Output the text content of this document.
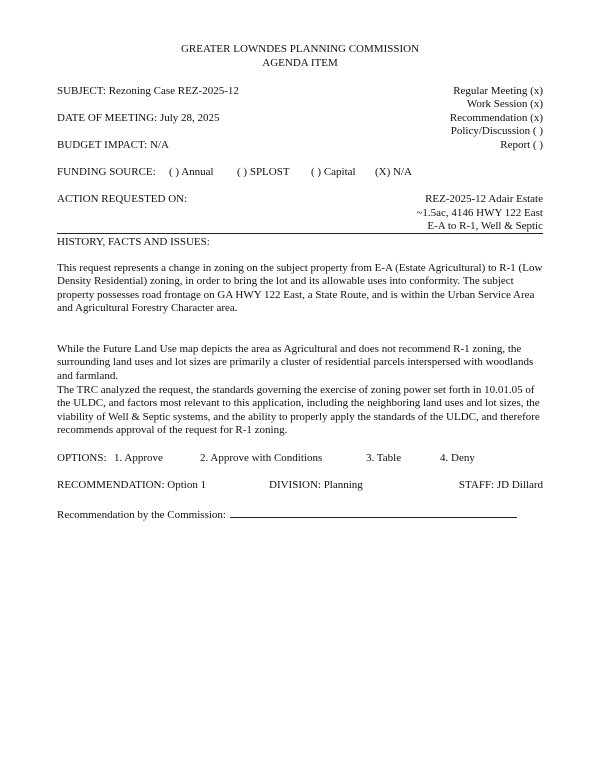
GREATER LOWNDES PLANNING COMMISSION
AGENDA ITEM
SUBJECT: Rezoning Case REZ-2025-12
DATE OF MEETING: July 28, 2025
BUDGET IMPACT: N/A
Regular Meeting (x)
Work Session (x)
Recommendation (x)
Policy/Discussion ( )
Report ( )
FUNDING SOURCE: ( ) Annual ( ) SPLOST ( ) Capital (X) N/A
ACTION REQUESTED ON:	REZ-2025-12 Adair Estate
~1.5ac, 4146 HWY 122 East
E-A to R-1, Well & Septic
HISTORY, FACTS AND ISSUES:
This request represents a change in zoning on the subject property from E-A (Estate Agricultural) to R-1 (Low Density Residential) zoning, in order to bring the lot and its allowable uses into conformity. The subject property possesses road frontage on GA HWY 122 East, a State Route, and is within the Urban Service Area and Agricultural Forestry Character area.
While the Future Land Use map depicts the area as Agricultural and does not recommend R-1 zoning, the surrounding land uses and lot sizes are primarily a cluster of residential parcels interspersed with woodlands and farmland.
The TRC analyzed the request, the standards governing the exercise of zoning power set forth in 10.01.05 of the ULDC, and factors most relevant to this application, including the neighboring land uses and lot sizes, the viability of Well & Septic systems, and the ability to properly apply the standards of the ULDC, and therefore recommends approval of the request for R-1 zoning.
OPTIONS: 1. Approve	2. Approve with Conditions	3. Table	4. Deny
RECOMMENDATION: Option 1	DIVISION: Planning	STAFF: JD Dillard
Recommendation by the Commission:
